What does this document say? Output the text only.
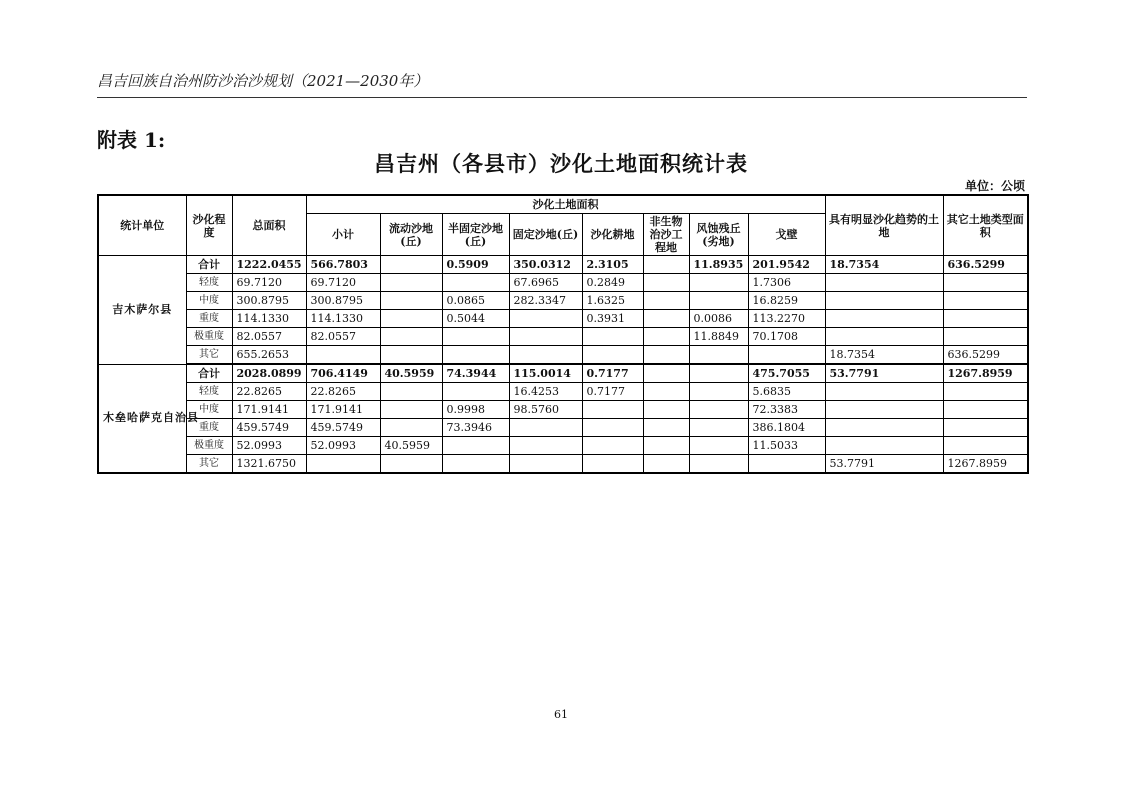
昌吉回族自治州防沙治沙规划（2021—2030年）
附表 1:
昌吉州（各县市）沙化土地面积统计表
单位：公顷
统计单位	沙化程度	总面积	沙化土地面积								具有明显沙化趋势的土地	其它土地类型面积
			小计	流动沙地(丘)	半固定沙地(丘)	固定沙地(丘)	沙化耕地	非生物治沙工程地	风蚀残丘(劣地)	戈壁		
吉木萨尔县	合计	1222.0455	566.7803		0.5909	350.0312	2.3105		11.8935	201.9542	18.7354	636.5299
	轻度	69.7120	69.7120			67.6965	0.2849			1.7306		
	中度	300.8795	300.8795		0.0865	282.3347	1.6325			16.8259		
	重度	114.1330	114.1330		0.5044		0.3931		0.0086	113.2270		
	极重度	82.0557	82.0557						11.8849	70.1708		
	其它	655.2653									18.7354	636.5299
木垒哈萨克自治县	合计	2028.0899	706.4149	40.5959	74.3944	115.0014	0.7177			475.7055	53.7791	1267.8959
	轻度	22.8265	22.8265			16.4253	0.7177			5.6835		
	中度	171.9141	171.9141		0.9998	98.5760				72.3383		
	重度	459.5749	459.5749		73.3946					386.1804		
	极重度	52.0993	52.0993	40.5959						11.5033		
	其它	1321.6750									53.7791	1267.8959
61
